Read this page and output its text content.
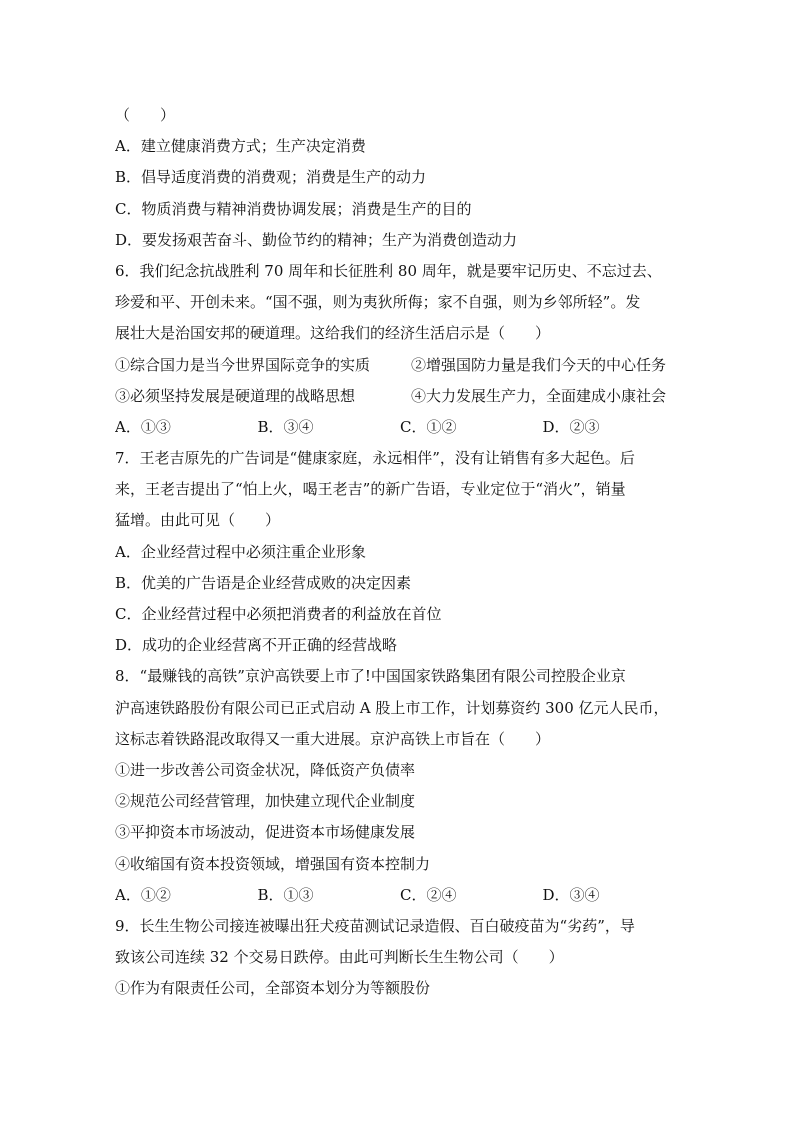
（　　）
A．建立健康消费方式；生产决定消费
B．倡导适度消费的消费观；消费是生产的动力
C．物质消费与精神消费协调发展；消费是生产的目的
D．要发扬艰苦奋斗、勤俭节约的精神；生产为消费创造动力
6．我们纪念抗战胜利 70 周年和长征胜利 80 周年，就是要牢记历史、不忘过去、
珍爱和平、开创未来。“国不强，则为夷狄所侮；家不自强，则为乡邻所轻”。发
展壮大是治国安邦的硬道理。这给我们的经济生活启示是（　　）
①综合国力是当今世界国际竞争的实质	②增强国防力量是我们今天的中心任务
③必须坚持发展是硬道理的战略思想	④大力发展生产力，全面建成小康社会
A．①③	B．③④	C．①②	D．②③
7．王老吉原先的广告词是“健康家庭，永远相伴”，没有让销售有多大起色。后
来，王老吉提出了“怕上火，喝王老吉”的新广告语，专业定位于“消火”，销量
猛增。由此可见（　　）
A．企业经营过程中必须注重企业形象
B．优美的广告语是企业经营成败的决定因素
C．企业经营过程中必须把消费者的利益放在首位
D．成功的企业经营离不开正确的经营战略
8．“最赚钱的高铁”京沪高铁要上市了!中国国家铁路集团有限公司控股企业京
沪高速铁路股份有限公司已正式启动 A 股上市工作，计划募资约 300 亿元人民币，
这标志着铁路混改取得又一重大进展。京沪高铁上市旨在（　　）
①进一步改善公司资金状况，降低资产负债率
②规范公司经营管理，加快建立现代企业制度
③平抑资本市场波动，促进资本市场健康发展
④收缩国有资本投资领域，增强国有资本控制力
A．①②	B．①③	C．②④	D．③④
9．长生生物公司接连被曝出狂犬疫苗测试记录造假、百白破疫苗为“劣药”，导
致该公司连续 32 个交易日跌停。由此可判断长生生物公司（　　）
①作为有限责任公司，全部资本划分为等额股份
